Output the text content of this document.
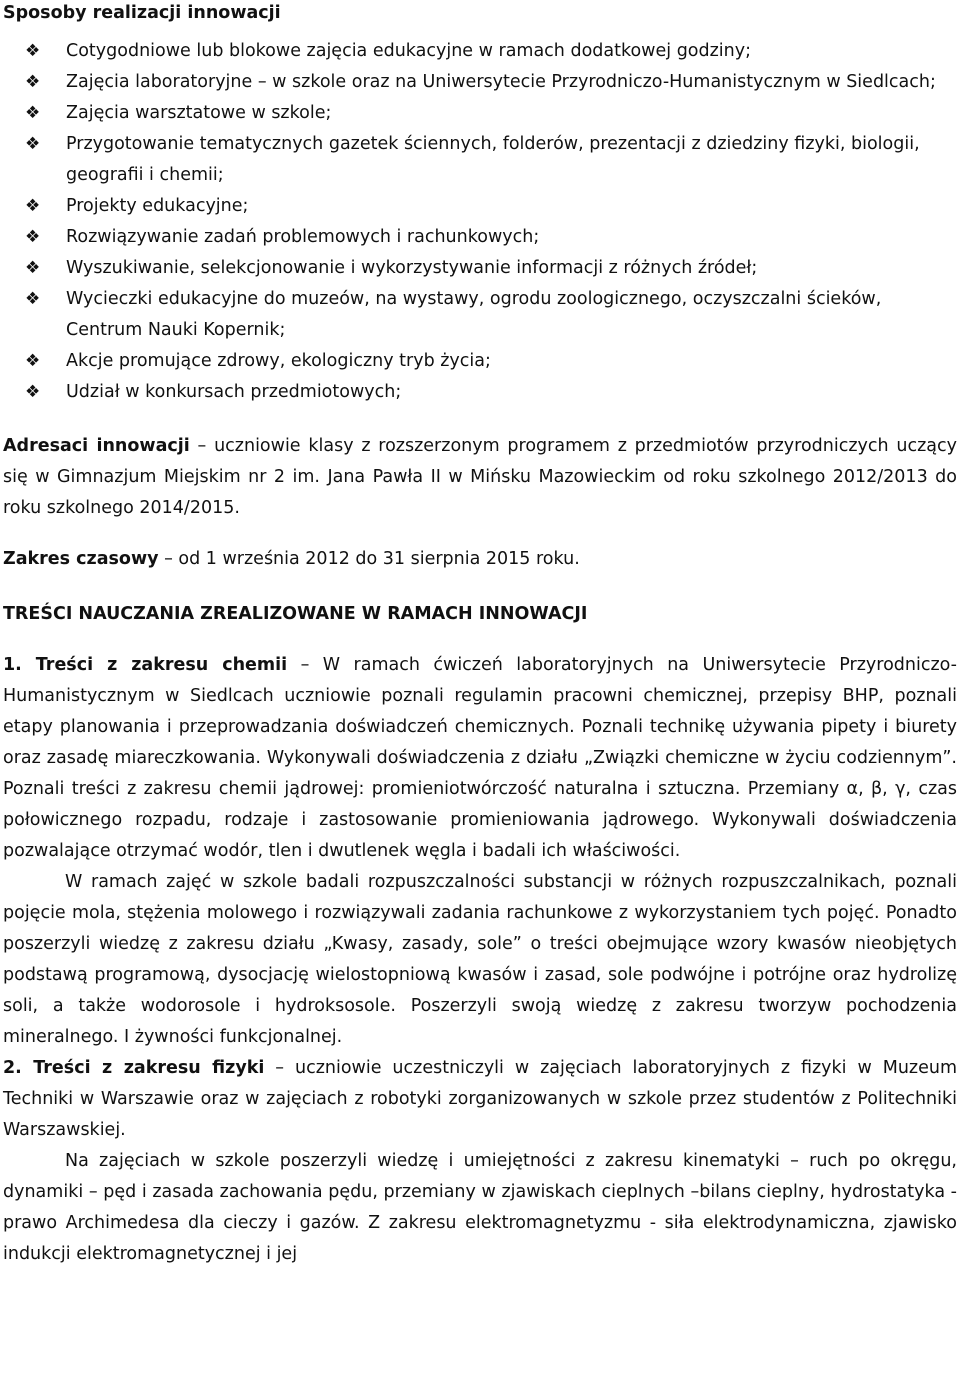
Sposoby realizacji innowacji
❖ Cotygodniowe lub blokowe zajęcia edukacyjne w ramach dodatkowej godziny;
❖ Zajęcia laboratoryjne – w szkole oraz na Uniwersytecie Przyrodniczo-Humanistycznym w Siedlcach;
❖ Zajęcia warsztatowe w szkole;
❖ Przygotowanie tematycznych gazetek ściennych, folderów, prezentacji z dziedziny fizyki, biologii, geografii i chemii;
❖ Projekty edukacyjne;
❖ Rozwiązywanie zadań problemowych i rachunkowych;
❖ Wyszukiwanie, selekcjonowanie i wykorzystywanie informacji z różnych źródeł;
❖ Wycieczki edukacyjne do muzeów, na wystawy, ogrodu zoologicznego, oczyszczalni ścieków, Centrum Nauki Kopernik;
❖ Akcje promujące zdrowy, ekologiczny tryb życia;
❖ Udział w konkursach przedmiotowych;

Adresaci innowacji – uczniowie klasy z rozszerzonym programem z przedmiotów przyrodniczych uczący się w Gimnazjum Miejskim nr 2 im. Jana Pawła II w Mińsku Mazowieckim od roku szkolnego 2012/2013 do roku szkolnego 2014/2015.

Zakres czasowy – od 1 września 2012 do 31 sierpnia 2015 roku.

TREŚCI NAUCZANIA ZREALIZOWANE W RAMACH INNOWACJI

1. Treści z zakresu chemii – W ramach ćwiczeń laboratoryjnych na Uniwersytecie Przyrodniczo-Humanistycznym w Siedlcach uczniowie poznali regulamin pracowni chemicznej, przepisy BHP, poznali etapy planowania i przeprowadzania doświadczeń chemicznych. Poznali technikę używania pipety i biurety oraz zasadę miareczkowania. Wykonywali doświadczenia z działu „Związki chemiczne w życiu codziennym”. Poznali treści z zakresu chemii jądrowej: promieniotwórczość naturalna i sztuczna. Przemiany α, β, γ, czas połowicznego rozpadu, rodzaje i zastosowanie promieniowania jądrowego. Wykonywali doświadczenia pozwalające otrzymać wodór, tlen i dwutlenek węgla i badali ich właściwości.

W ramach zajęć w szkole badali rozpuszczalności substancji w różnych rozpuszczalnikach, poznali pojęcie mola, stężenia molowego i rozwiązywali zadania rachunkowe z wykorzystaniem tych pojęć. Ponadto poszerzyli wiedzę z zakresu działu „Kwasy, zasady, sole” o treści obejmujące wzory kwasów nieobjętych podstawą programową, dysocjację wielostopniową kwasów i zasad, sole podwójne i potrójne oraz hydrolizę soli, a także wodorosole i hydroksosole. Poszerzyli swoją wiedzę z zakresu tworzyw pochodzenia mineralnego. I żywności funkcjonalnej.

2. Treści z zakresu fizyki – uczniowie uczestniczyli w zajęciach laboratoryjnych z fizyki w Muzeum Techniki w Warszawie oraz w zajęciach z robotyki zorganizowanych w szkole przez studentów z Politechniki Warszawskiej.

Na zajęciach w szkole poszerzyli wiedzę i umiejętności z zakresu kinematyki – ruch po okręgu, dynamiki – pęd i zasada zachowania pędu, przemiany w zjawiskach cieplnych –bilans cieplny, hydrostatyka - prawo Archimedesa dla cieczy i gazów. Z zakresu elektromagnetyzmu - siła elektrodynamiczna, zjawisko indukcji elektromagnetycznej i jej
